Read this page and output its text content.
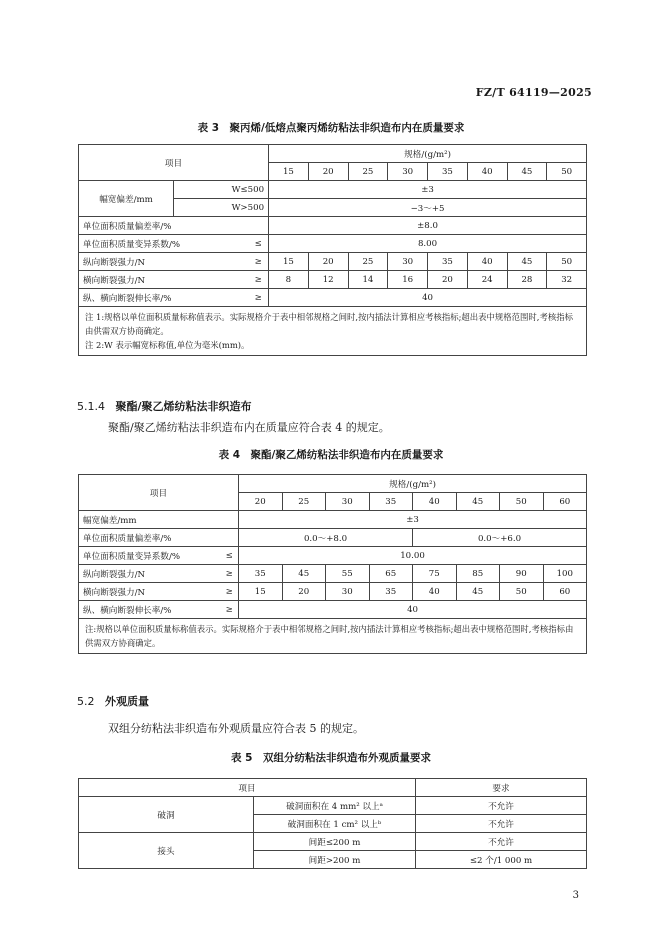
FZ/T 64119—2025
表 3　聚丙烯/低熔点聚丙烯纺粘法非织造布内在质量要求
项目			规格/(g/m²)							
			15	20	25	30	35	40	45	50
幅宽偏差/mm	W≤500		±3							
	W>500		−3～+5							
单位面积质量偏差率/%			±8.0							
单位面积质量变异系数/%		≤	8.00							
纵向断裂强力/N		≥	15	20	25	30	35	40	45	50
横向断裂强力/N		≥	8	12	14	16	20	24	28	32
纵、横向断裂伸长率/%		≥	40							

注 1:规格以单位面积质量标称值表示。实际规格介于表中相邻规格之间时,按内插法计算相应考核指标;超出表中规格范围时,考核指标由供需双方协商确定。
注 2:W 表示幅宽标称值,单位为毫米(mm)。										
5.1.4 聚酯/聚乙烯纺粘法非织造布
聚酯/聚乙烯纺粘法非织造布内在质量应符合表 4 的规定。
表 4　聚酯/聚乙烯纺粘法非织造布内在质量要求
项目		规格/(g/m²)							
		20	25	30	35	40	45	50	60
幅宽偏差/mm		±3							
单位面积质量偏差率/%		0.0～+8.0				0.0～+6.0			
单位面积质量变异系数/%	≤	10.00							
纵向断裂强力/N	≥	35	45	55	65	75	85	90	100
横向断裂强力/N	≥	15	20	30	35	40	45	50	60
纵、横向断裂伸长率/%	≥	40							
注:规格以单位面积质量标称值表示。实际规格介于表中相邻规格之间时,按内插法计算相应考核指标;超出表中规格范围时,考核指标由供需双方协商确定。									
5.2 外观质量
双组分纺粘法非织造布外观质量应符合表 5 的规定。
表 5　双组分纺粘法非织造布外观质量要求
项目		要求
破洞	破洞面积在 4 mm² 以上ᵃ	不允许
	破洞面积在 1 cm² 以上ᵇ	不允许
接头	间距≤200 m	不允许
	间距>200 m	≤2 个/1 000 m
3
